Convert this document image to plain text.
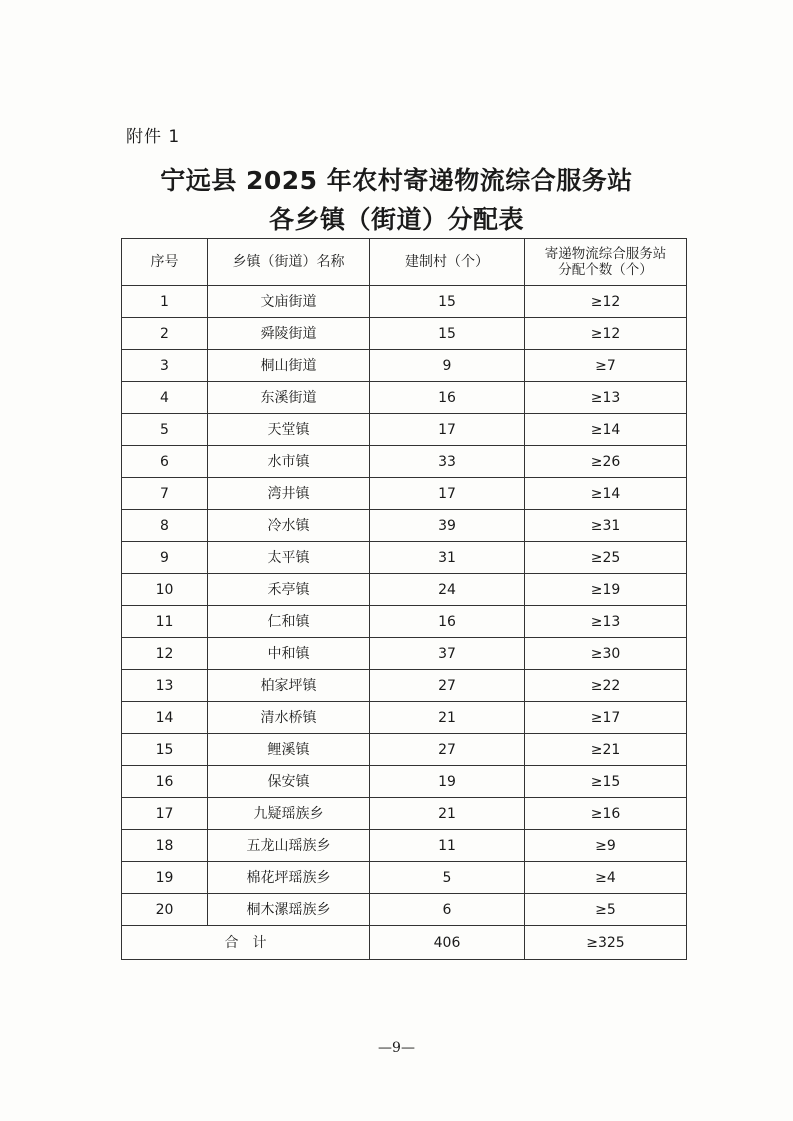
附件 1
宁远县 2025 年农村寄递物流综合服务站
各乡镇（街道）分配表
序号	乡镇（街道）名称	建制村（个）	寄递物流综合服务站
分配个数（个）

1	文庙街道	15	≥12
2	舜陵街道	15	≥12
3	桐山街道	9	≥7
4	东溪街道	16	≥13
5	天堂镇	17	≥14
6	水市镇	33	≥26
7	湾井镇	17	≥14
8	冷水镇	39	≥31
9	太平镇	31	≥25
10	禾亭镇	24	≥19
11	仁和镇	16	≥13
12	中和镇	37	≥30
13	柏家坪镇	27	≥22
14	清水桥镇	21	≥17
15	鲤溪镇	27	≥21
16	保安镇	19	≥15
17	九疑瑶族乡	21	≥16
18	五龙山瑶族乡	11	≥9
19	棉花坪瑶族乡	5	≥4
20	桐木漯瑶族乡	6	≥5
合　计		406	≥325
—9—
